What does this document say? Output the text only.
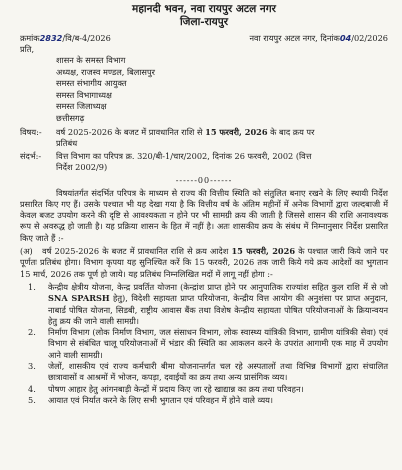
महानदी भवन, नवा रायपुर अटल नगर
जिला-रायपुर
क्रमांक2832/वि/ब-4/2026	नवा रायपुर अटल नगर, दिनांक04/02/2026
प्रति,
शासन के समस्त विभाग
अध्यक्ष, राजस्व मण्डल, बिलासपुर
समस्त संभागीय आयुक्त
समस्त विभागाध्यक्ष
समस्त जिलाध्यक्ष
छत्तीसगढ़
विषय:- वर्ष 2025-2026 के बजट में प्रावधानित राशि से 15 फरवरी, 2026 के बाद क्रय पर
प्रतिबंध
संदर्भ:- वित्त विभाग का परिपत्र क्र. 320/बी-1/चार/2002, दिनांक 26 फरवरी, 2002 (वित्त
निर्देश 2002/9)
------00------

विषयांतर्गत संदर्भित परिपत्र के माध्यम से राज्य की वित्तीय स्थिति को संतुलित बनाए रखने के लिए स्थायी निर्देश प्रसारित किए गए हैं। उसके पश्चात भी यह देखा गया है कि वित्तीय वर्ष के अंतिम महीनों में अनेक विभागों द्वारा जल्दबाजी में केवल बजट उपयोग करने की दृष्टि से आवश्यकता न होने पर भी सामग्री क्रय की जाती है जिससे शासन की राशि अनावश्यक रूप से अवरुद्ध हो जाती है। यह प्रक्रिया शासन के हित में नहीं है। अतः शासकीय क्रय के संबंध में निम्नानुसार निर्देश प्रसारित किए जाते हैं :-

(अ) वर्ष 2025-2026 के बजट में प्रावधानित राशि से क्रय आदेश 15 फरवरी, 2026 के पश्चात जारी किये जाने पर पूर्णतः प्रतिबंध होगा। विभाग कृपया यह सुनिश्चित करें कि 15 फरवरी, 2026 तक जारी किये गये क्रय आदेशों का भुगतान 15 मार्च, 2026 तक पूर्ण हो जाये। यह प्रतिबंध निम्नलिखित मदों में लागू नहीं होगा :-

1.	केन्द्रीय क्षेत्रीय योजना, केन्द्र प्रवर्तित योजना (केन्द्रांश प्राप्त होने पर आनुपातिक राज्यांश सहित कुल राशि में से जो SNA SPARSH हेतु), विदेशी सहायता प्राप्त परियोजना, केन्द्रीय वित्त आयोग की अनुशंसा पर प्राप्त अनुदान, नाबार्ड पोषित योजना, सिडबी, राष्ट्रीय आवास बैंक तथा विशेष केन्द्रीय सहायता पोषित परियोजनाओं के क्रियान्वयन हेतु क्रय की जाने वाली सामग्री।
2.	निर्माण विभाग (लोक निर्माण विभाग, जल संसाधन विभाग, लोक स्वास्थ्य यांत्रिकी विभाग, ग्रामीण यांत्रिकी सेवा) एवं विभाग से संबंधित चालू परियोजनाओं में भंडार की स्थिति का आकलन करने के उपरांत आगामी एक माह में उपयोग आने वाली सामग्री।
3.	जेलों, शासकीय एवं राज्य कर्मचारी बीमा योजनान्तर्गत चल रहे अस्पतालों तथा विभिन्न विभागों द्वारा संचालित छात्रावासों व आश्रमों में भोजन, कपड़ा, दवाईयों का क्रय तथा अन्य प्रासंगिक व्यय।
4.	पोषण आहार हेतु आंगनबाड़ी केन्द्रों में प्रदाय किए जा रहे खाद्यान्न का क्रय तथा परिवहन।
5.	आयात एवं निर्यात करने के लिए सभी भुगतान एवं परिवहन में होने वाले व्यय।
